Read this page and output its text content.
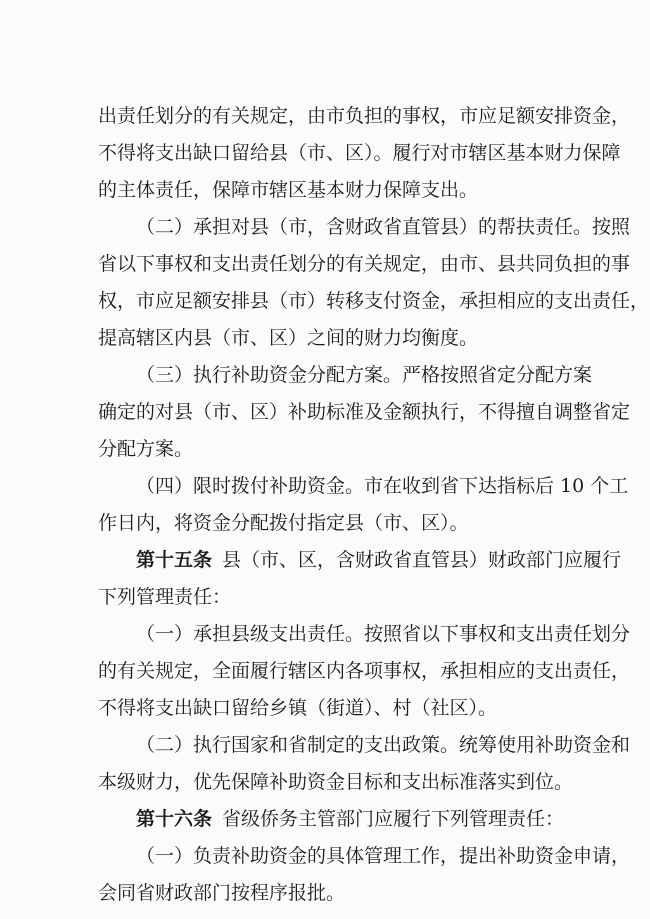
出责任划分的有关规定，由市负担的事权，市应足额安排资金，
不得将支出缺口留给县（市、区）。履行对市辖区基本财力保障
的主体责任，保障市辖区基本财力保障支出。
（二）承担对县（市，含财政省直管县）的帮扶责任。按照
省以下事权和支出责任划分的有关规定，由市、县共同负担的事
权，市应足额安排县（市）转移支付资金，承担相应的支出责任，
提高辖区内县（市、区）之间的财力均衡度。
（三）执行补助资金分配方案。严格按照省定分配方案
确定的对县（市、区）补助标准及金额执行，不得擅自调整省定
分配方案。
（四）限时拨付补助资金。市在收到省下达指标后 10 个工
作日内，将资金分配拨付指定县（市、区）。
第十五条 县（市、区，含财政省直管县）财政部门应履行
下列管理责任：
（一）承担县级支出责任。按照省以下事权和支出责任划分
的有关规定，全面履行辖区内各项事权，承担相应的支出责任，
不得将支出缺口留给乡镇（街道）、村（社区）。
（二）执行国家和省制定的支出政策。统筹使用补助资金和
本级财力，优先保障补助资金目标和支出标准落实到位。
第十六条 省级侨务主管部门应履行下列管理责任：
（一）负责补助资金的具体管理工作，提出补助资金申请，
会同省财政部门按程序报批。
